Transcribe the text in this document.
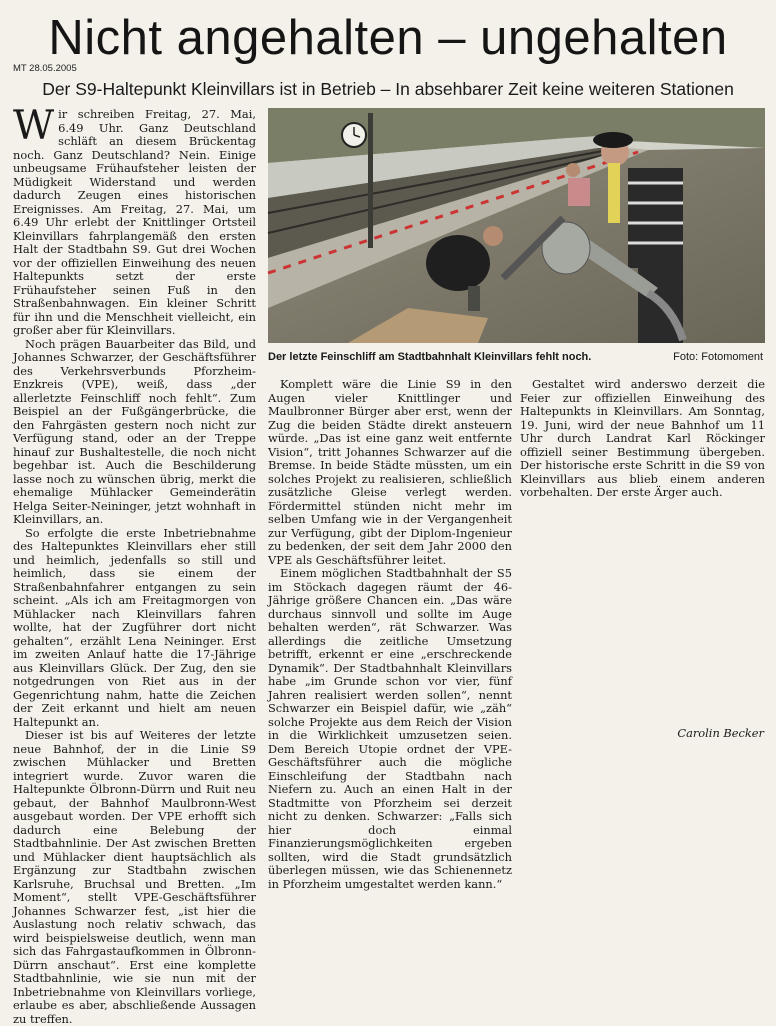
Nicht angehalten – ungehalten
MT 28.05.2005
Der S9-Haltepunkt Kleinvillars ist in Betrieb – In absehbarer Zeit keine weiteren Stationen

Wir schreiben Freitag, 27. Mai, 6.49 Uhr. Ganz Deutschland schläft an diesem Brückentag noch. Ganz Deutschland? Nein. Einige unbeugsame Frühaufsteher leisten der Müdigkeit Widerstand und werden dadurch Zeugen eines historischen Ereignisses. Am Freitag, 27. Mai, um 6.49 Uhr erlebt der Knittlinger Ortsteil Kleinvillars fahrplangemäß den ersten Halt der Stadtbahn S9. Gut drei Wochen vor der offiziellen Einweihung des neuen Haltepunkts setzt der erste Frühaufsteher seinen Fuß in den Straßenbahnwagen. Ein kleiner Schritt für ihn und die Menschheit vielleicht, ein großer aber für Kleinvillars.

Noch prägen Bauarbeiter das Bild, und Johannes Schwarzer, der Geschäftsführer des Verkehrsverbunds Pforzheim-Enzkreis (VPE), weiß, dass „der allerletzte Feinschliff noch fehlt“. Zum Beispiel an der Fußgängerbrücke, die den Fahrgästen gestern noch nicht zur Verfügung stand, oder an der Treppe hinauf zur Bushaltestelle, die noch nicht begehbar ist. Auch die Beschilderung lasse noch zu wünschen übrig, merkt die ehemalige Mühlacker Gemeinderätin Helga Seiter-Neininger, jetzt wohnhaft in Kleinvillars, an.

So erfolgte die erste Inbetriebnahme des Haltepunktes Kleinvillars eher still und heimlich, jedenfalls so still und heimlich, dass sie einem der Straßenbahnfahrer entgangen zu sein scheint. „Als ich am Freitagmorgen von Mühlacker nach Kleinvillars fahren wollte, hat der Zugführer dort nicht gehalten“, erzählt Lena Neininger. Erst im zweiten Anlauf hatte die 17-Jährige aus Kleinvillars Glück. Der Zug, den sie notgedrungen von Riet aus in der Gegenrichtung nahm, hatte die Zeichen der Zeit erkannt und hielt am neuen Haltepunkt an.

Dieser ist bis auf Weiteres der letzte neue Bahnhof, der in die Linie S9 zwischen Mühlacker und Bretten integriert wurde. Zuvor waren die Haltepunkte Ölbronn-Dürrn und Ruit neu gebaut, der Bahnhof Maulbronn-West ausgebaut worden. Der VPE erhofft sich dadurch eine Belebung der Stadtbahnlinie. Der Ast zwischen Bretten und Mühlacker dient hauptsächlich als Ergänzung zur Stadtbahn zwischen Karlsruhe, Bruchsal und Bretten. „Im Moment“, stellt VPE-Geschäftsführer Johannes Schwarzer fest, „ist hier die Auslastung noch relativ schwach, das wird beispielsweise deutlich, wenn man sich das Fahrgastaufkommen in Ölbronn-Dürrn anschaut“. Erst eine komplette Stadtbahnlinie, wie sie nun mit der Inbetriebnahme von Kleinvillars vorliege, erlaube es aber, abschließende Aussagen zu treffen.

Der letzte Feinschliff am Stadtbahnhalt Kleinvillars fehlt noch.	Foto: Fotomoment

Komplett wäre die Linie S9 in den Augen vieler Knittlinger und Maulbronner Bürger aber erst, wenn der Zug die beiden Städte direkt ansteuern würde. „Das ist eine ganz weit entfernte Vision“, tritt Johannes Schwarzer auf die Bremse. In beide Städte müssten, um ein solches Projekt zu realisieren, schließlich zusätzliche Gleise verlegt werden. Fördermittel stünden nicht mehr im selben Umfang wie in der Vergangenheit zur Verfügung, gibt der Diplom-Ingenieur zu bedenken, der seit dem Jahr 2000 den VPE als Geschäftsführer leitet.

Einem möglichen Stadtbahnhalt der S5 im Stöckach dagegen räumt der 46-Jährige größere Chancen ein. „Das wäre durchaus sinnvoll und sollte im Auge behalten werden“, rät Schwarzer. Was allerdings die zeitliche Umsetzung betrifft, erkennt er eine „erschreckende Dynamik“. Der Stadtbahnhalt Kleinvillars habe „im Grunde schon vor vier, fünf Jahren realisiert werden sollen“, nennt Schwarzer ein Beispiel dafür, wie „zäh“ solche Projekte aus dem Reich der Vision in die Wirklichkeit umzusetzen seien. Dem Bereich Utopie ordnet der VPE-Geschäftsführer auch die mögliche Einschleifung der Stadtbahn nach Niefern zu. Auch an einen Halt in der Stadtmitte von Pforzheim sei derzeit nicht zu denken. Schwarzer: „Falls sich hier doch einmal Finanzierungsmöglichkeiten ergeben sollten, wird die Stadt grundsätzlich überlegen müssen, wie das Schienennetz in Pforzheim umgestaltet werden kann.“

Gestaltet wird anderswo derzeit die Feier zur offiziellen Einweihung des Haltepunkts in Kleinvillars. Am Sonntag, 19. Juni, wird der neue Bahnhof um 11 Uhr durch Landrat Karl Röckinger offiziell seiner Bestimmung übergeben. Der historische erste Schritt in die S9 von Kleinvillars aus blieb einem anderen vorbehalten. Der erste Ärger auch.

Carolin Becker
